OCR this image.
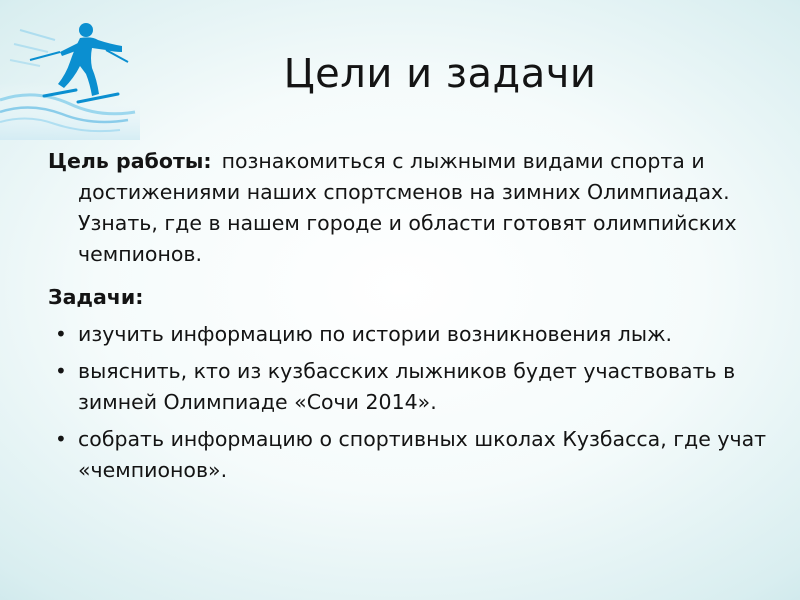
Цели и задачи

Цель работы: познакомиться с лыжными видами спорта и достижениями наших спортсменов на зимних Олимпиадах. Узнать, где в нашем городе и области готовят олимпийских чемпионов.

Задачи:

• изучить информацию по истории возникновения лыж.
• выяснить, кто из кузбасских лыжников будет участвовать в зимней Олимпиаде «Сочи 2014».
• собрать информацию о спортивных школах Кузбасса, где учат «чемпионов».
